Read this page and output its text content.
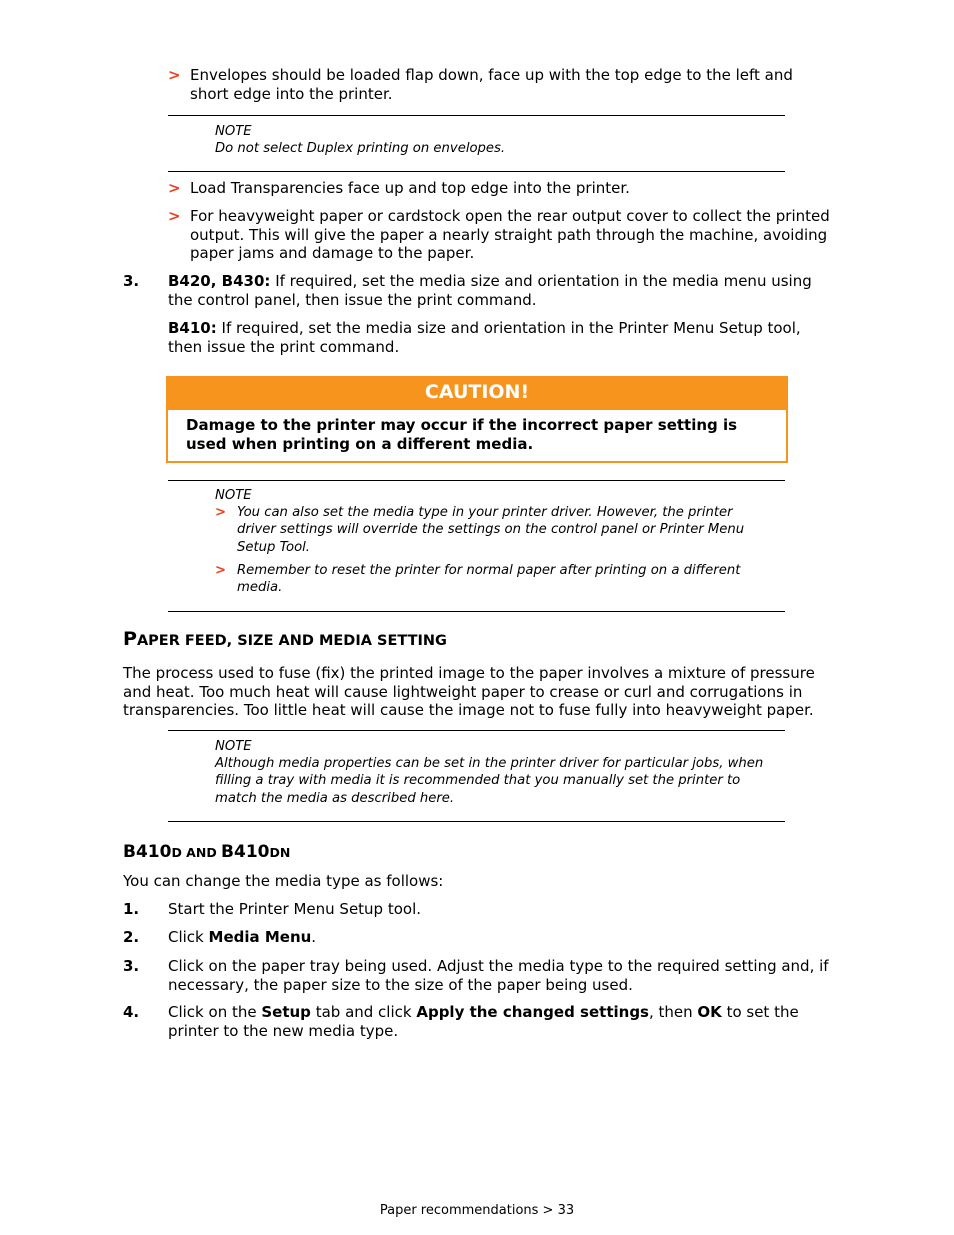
> Envelopes should be loaded flap down, face up with the top edge to the left and short edge into the printer.
NOTE
Do not select Duplex printing on envelopes.
> Load Transparencies face up and top edge into the printer.
> For heavyweight paper or cardstock open the rear output cover to collect the printed output. This will give the paper a nearly straight path through the machine, avoiding paper jams and damage to the paper.
3. B420, B430: If required, set the media size and orientation in the media menu using the control panel, then issue the print command.
B410: If required, set the media size and orientation in the Printer Menu Setup tool, then issue the print command.
CAUTION!
Damage to the printer may occur if the incorrect paper setting is used when printing on a different media.
NOTE
> You can also set the media type in your printer driver. However, the printer driver settings will override the settings on the control panel or Printer Menu Setup Tool.
> Remember to reset the printer for normal paper after printing on a different media.
PAPER FEED, SIZE AND MEDIA SETTING
The process used to fuse (fix) the printed image to the paper involves a mixture of pressure and heat. Too much heat will cause lightweight paper to crease or curl and corrugations in transparencies. Too little heat will cause the image not to fuse fully into heavyweight paper.
NOTE
Although media properties can be set in the printer driver for particular jobs, when filling a tray with media it is recommended that you manually set the printer to match the media as described here.
B410D AND B410DN
You can change the media type as follows:
1. Start the Printer Menu Setup tool.
2. Click Media Menu.
3. Click on the paper tray being used. Adjust the media type to the required setting and, if necessary, the paper size to the size of the paper being used.
4. Click on the Setup tab and click Apply the changed settings, then OK to set the printer to the new media type.
Paper recommendations > 33
